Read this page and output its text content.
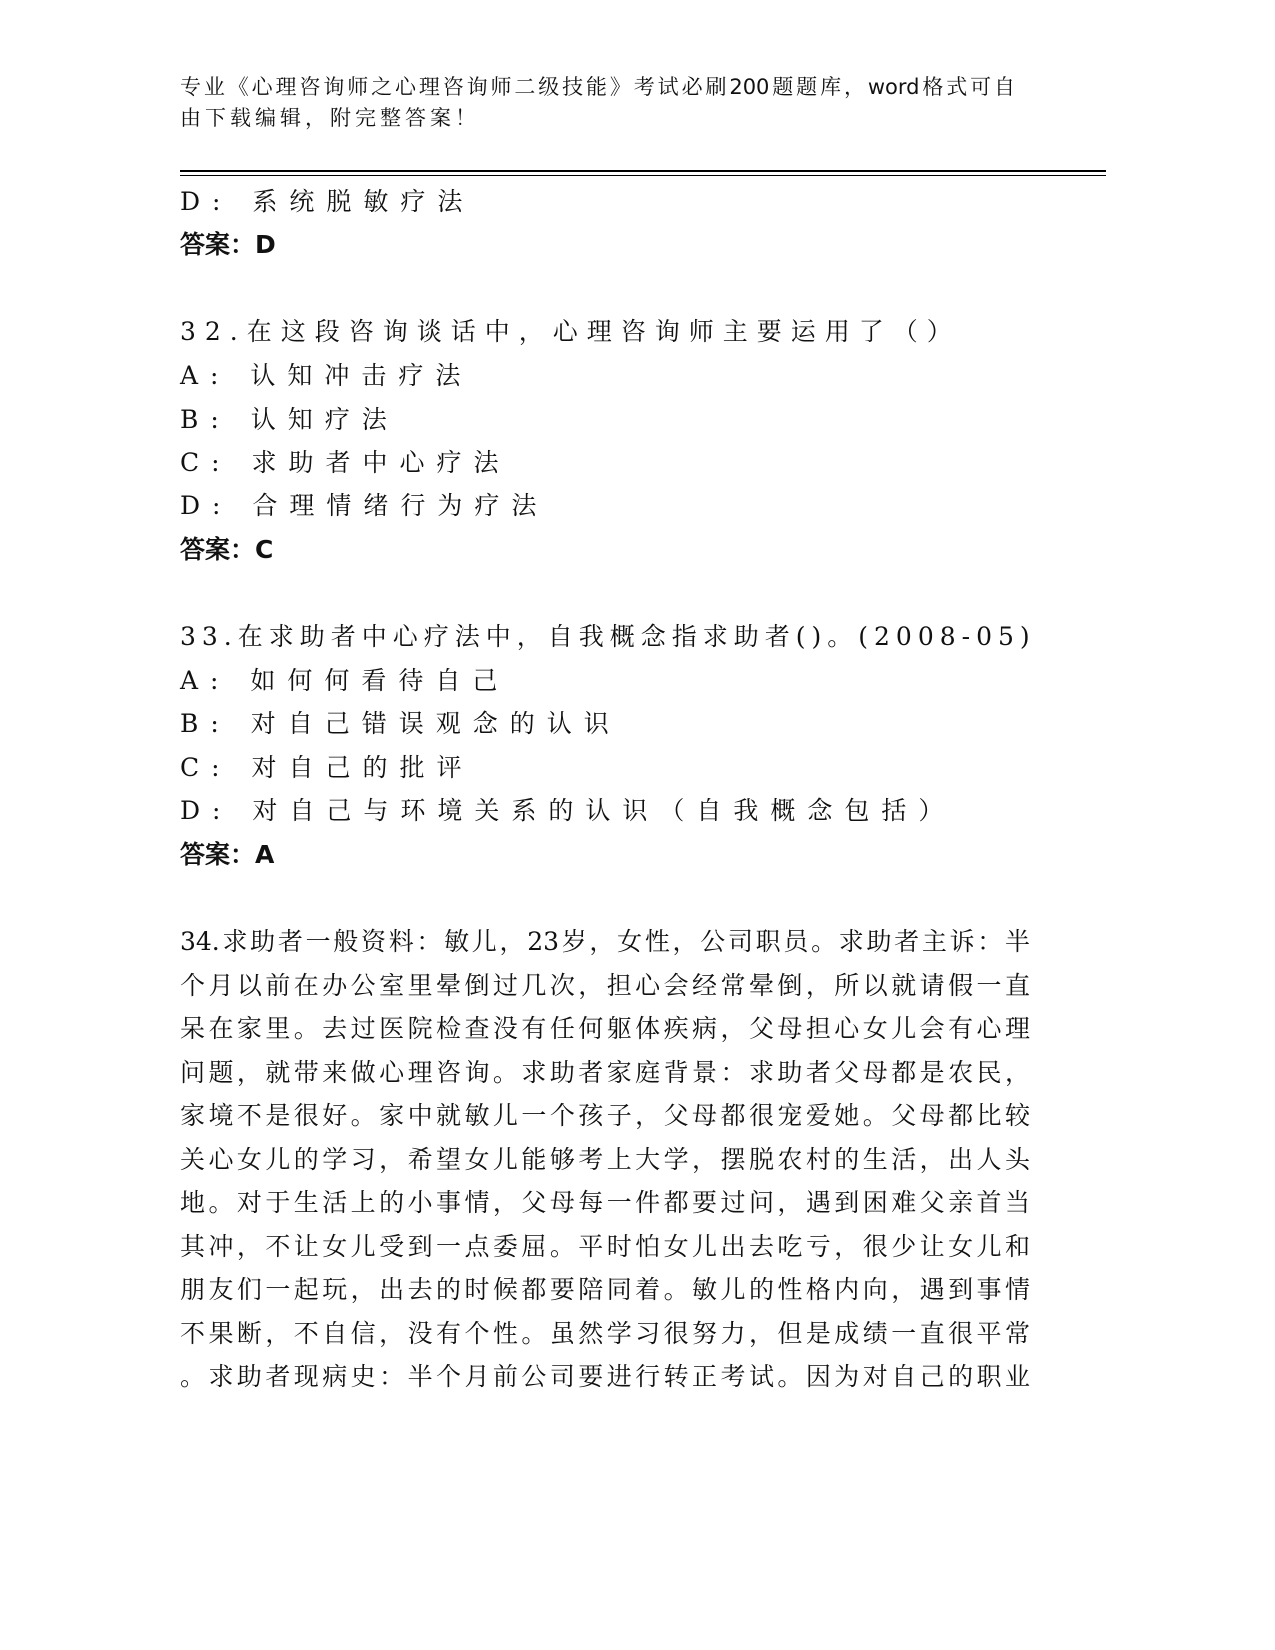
专业《心理咨询师之心理咨询师二级技能》考试必刷200题题库，word格式可自
由下载编辑，附完整答案！
D: 系统脱敏疗法
答案：D
32.在这段咨询谈话中，心理咨询师主要运用了（）
A: 认知冲击疗法
B: 认知疗法
C: 求助者中心疗法
D: 合理情绪行为疗法
答案：C
33.在求助者中心疗法中，自我概念指求助者()。(2008-05)
A: 如何何看待自己
B: 对自己错误观念的认识
C: 对自己的批评
D: 对自己与环境关系的认识（自我概念包括）
答案：A
34.求助者一般资料：敏儿，23岁，女性，公司职员。求助者主诉：半
个月以前在办公室里晕倒过几次，担心会经常晕倒，所以就请假一直
呆在家里。去过医院检查没有任何躯体疾病，父母担心女儿会有心理
问题，就带来做心理咨询。求助者家庭背景：求助者父母都是农民，
家境不是很好。家中就敏儿一个孩子，父母都很宠爱她。父母都比较
关心女儿的学习，希望女儿能够考上大学，摆脱农村的生活，出人头
地。对于生活上的小事情，父母每一件都要过问，遇到困难父亲首当
其冲，不让女儿受到一点委屈。平时怕女儿出去吃亏，很少让女儿和
朋友们一起玩，出去的时候都要陪同着。敏儿的性格内向，遇到事情
不果断，不自信，没有个性。虽然学习很努力，但是成绩一直很平常
。求助者现病史：半个月前公司要进行转正考试。因为对自己的职业
